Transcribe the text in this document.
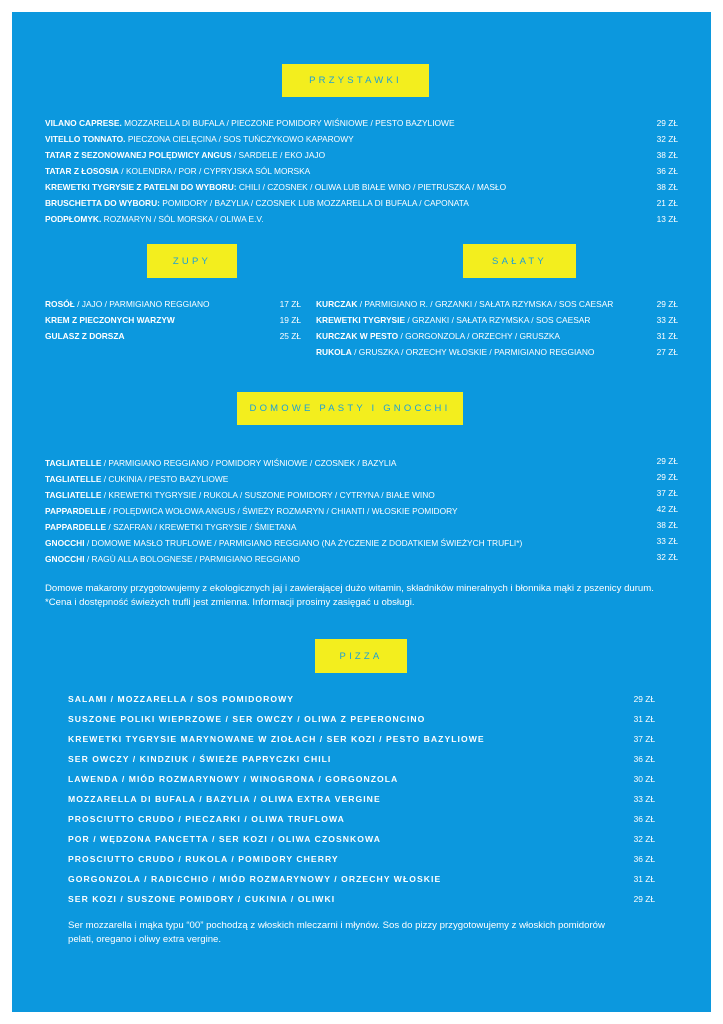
PRZYSTAWKI
VILANO CAPRESE. MOZZARELLA DI BUFALA / PIECZONE POMIDORY WIŚNIOWE / PESTO BAZYLIOWE	29 ZŁ
VITELLO TONNATO. PIECZONA CIELĘCINA / SOS TUŃCZYKOWO KAPAROWY	32 ZŁ
TATAR Z SEZONOWANEJ POLĘDWICY ANGUS / SARDELE / EKO JAJO	38 ZŁ
TATAR Z ŁOSOSIA / KOLENDRA / POR / CYPRYJSKA SÓL MORSKA	36 ZŁ
KREWETKI TYGRYSIE Z PATELNI DO WYBORU: CHILI / CZOSNEK / OLIWA LUB BIAŁE WINO / PIETRUSZKA / MASŁO	38 ZŁ
BRUSCHETTA DO WYBORU: POMIDORY / BAZYLIA / CZOSNEK LUB MOZZARELLA DI BUFALA / CAPONATA	21 ZŁ
PODPŁOMYK. ROZMARYN / SÓL MORSKA / OLIWA E.V.	13 ZŁ
ZUPY
ROSÓŁ / JAJO / PARMIGIANO REGGIANO	17 ZŁ
KREM Z PIECZONYCH WARZYW	19 ZŁ
GULASZ Z DORSZA	25 ZŁ
SAŁATY
KURCZAK / PARMIGIANO R. / GRZANKI / SAŁATA RZYMSKA / SOS CAESAR	29 ZŁ
KREWETKI TYGRYSIE / GRZANKI / SAŁATA RZYMSKA / SOS CAESAR	33 ZŁ
KURCZAK W PESTO / GORGONZOLA / ORZECHY / GRUSZKA	31 ZŁ
RUKOLA / GRUSZKA / ORZECHY WŁOSKIE / PARMIGIANO REGGIANO	27 ZŁ
DOMOWE PASTY I GNOCCHI
TAGLIATELLE / PARMIGIANO REGGIANO / POMIDORY WIŚNIOWE / CZOSNEK / BAZYLIA	29 ZŁ
TAGLIATELLE / CUKINIA / PESTO BAZYLIOWE	29 ZŁ
TAGLIATELLE / KREWETKI TYGRYSIE / RUKOLA / SUSZONE POMIDORY / CYTRYNA / BIAŁE WINO	37 ZŁ
PAPPARDELLE / POLĘDWICA WOŁOWA ANGUS / ŚWIEŻY ROZMARYN / CHIANTI / WŁOSKIE POMIDORY	42 ZŁ
PAPPARDELLE / SZAFRAN / KREWETKI TYGRYSIE / ŚMIETANA	38 ZŁ
GNOCCHI / DOMOWE MASŁO TRUFLOWE / PARMIGIANO REGGIANO (NA ŻYCZENIE Z DODATKIEM ŚWIEŻYCH TRUFLI*)	33 ZŁ
GNOCCHI / RAGÙ ALLA BOLOGNESE / PARMIGIANO REGGIANO	32 ZŁ
Domowe makarony przygotowujemy z ekologicznych jaj i zawierającej dużo witamin, składników mineralnych i błonnika mąki z pszenicy durum.
*Cena i dostępność świeżych trufli jest zmienna. Informacji prosimy zasięgać u obsługi.
PIZZA
SALAMI / MOZZARELLA / SOS POMIDOROWY	29 ZŁ
SUSZONE POLIKI WIEPRZOWE / SER OWCZY / OLIWA Z PEPERONCINO	31 ZŁ
KREWETKI TYGRYSIE MARYNOWANE W ZIOŁACH / SER KOZI / PESTO BAZYLIOWE	37 ZŁ
SER OWCZY / KINDZIUK / ŚWIEŻE PAPRYCZKI CHILI	36 ZŁ
LAWENDA / MIÓD ROZMARYNOWY / WINOGRONA / GORGONZOLA	30 ZŁ
MOZZARELLA DI BUFALA / BAZYLIA / OLIWA EXTRA VERGINE	33 ZŁ
PROSCIUTTO CRUDO / PIECZARKI / OLIWA TRUFLOWA	36 ZŁ
POR / WĘDZONA PANCETTA / SER KOZI / OLIWA CZOSNKOWA	32 ZŁ
PROSCIUTTO CRUDO / RUKOLA / POMIDORY CHERRY	36 ZŁ
GORGONZOLA / RADICCHIO / MIÓD ROZMARYNOWY / ORZECHY WŁOSKIE	31 ZŁ
SER KOZI / SUSZONE POMIDORY / CUKINIA / OLIWKI	29 ZŁ
Ser mozzarella i mąka typu “00” pochodzą z włoskich mleczarni i młynów. Sos do pizzy przygotowujemy z włoskich pomidorów
pelati, oregano i oliwy extra vergine.
